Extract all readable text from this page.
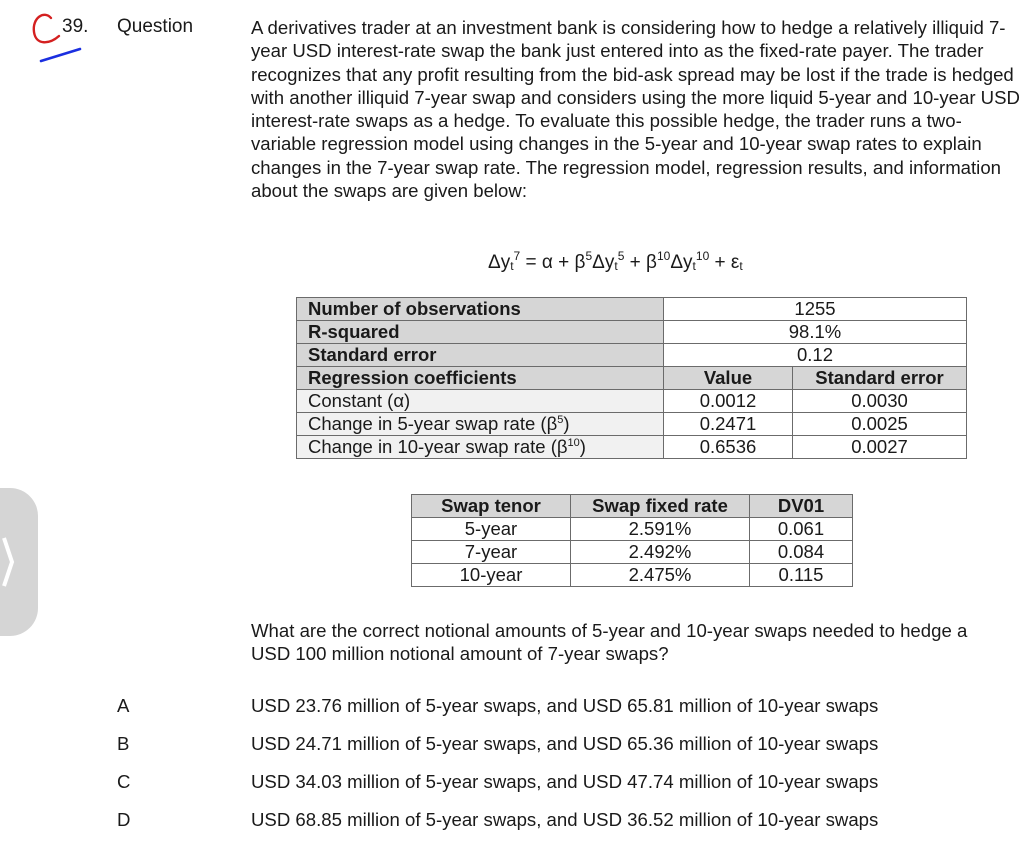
39. Question	A derivatives trader at an investment bank is considering how to hedge a relatively illiquid 7-year USD interest-rate swap the bank just entered into as the fixed-rate payer. The trader recognizes that any profit resulting from the bid-ask spread may be lost if the trade is hedged with another illiquid 7-year swap and considers using the more liquid 5-year and 10-year USD interest-rate swaps as a hedge. To evaluate this possible hedge, the trader runs a two-variable regression model using changes in the 5-year and 10-year swap rates to explain changes in the 7-year swap rate. The regression model, regression results, and information about the swaps are given below:

$\Delta y_t^7 = \alpha + \beta^5\Delta y_t^5 + \beta^{10}\Delta y_t^{10} + \varepsilon_t$
Number of observations	1255	
R-squared	98.1%	
Standard error	0.12	
Regression coefficients	Value	Standard error
Constant (α)	0.0012	0.0030
Change in 5-year swap rate $(\beta^5)$	0.2471	0.0025
Change in 10-year swap rate $(\beta^{10})$	0.6536	0.0027
Swap tenor	Swap fixed rate	DV01
5-year	2.591%	0.061
7-year	2.492%	0.084
10-year	2.475%	0.115

What are the correct notional amounts of 5-year and 10-year swaps needed to hedge a USD 100 million notional amount of 7-year swaps?

A	USD 23.76 million of 5-year swaps, and USD 65.81 million of 10-year swaps
B	USD 24.71 million of 5-year swaps, and USD 65.36 million of 10-year swaps
C	USD 34.03 million of 5-year swaps, and USD 47.74 million of 10-year swaps
D	USD 68.85 million of 5-year swaps, and USD 36.52 million of 10-year swaps
